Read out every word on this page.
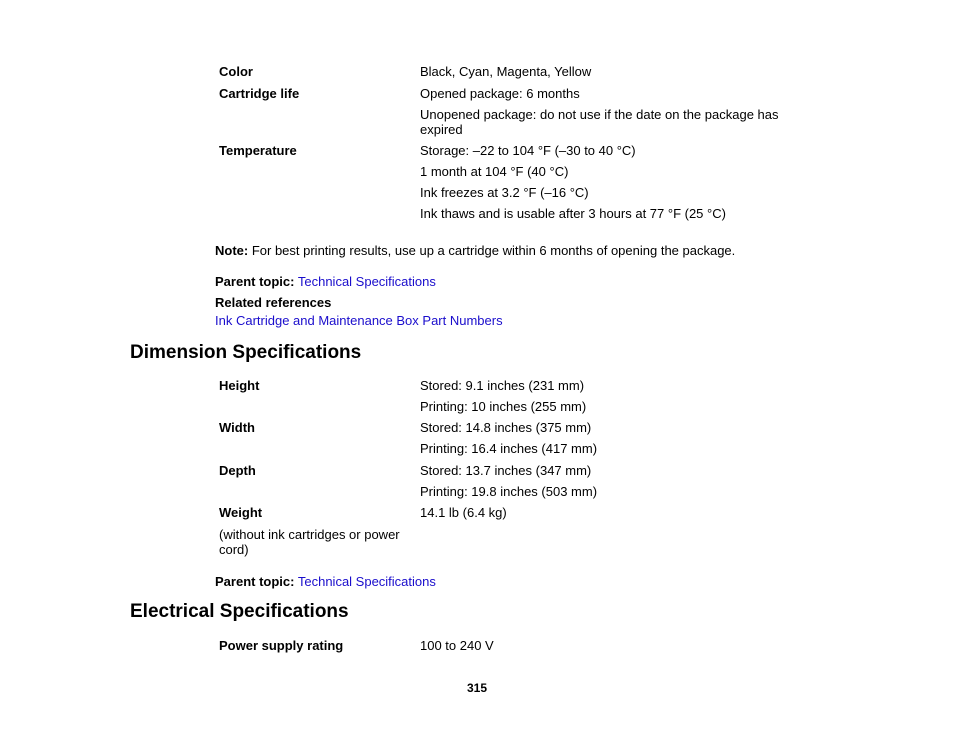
Color	Black, Cyan, Magenta, Yellow
Cartridge life	Opened package: 6 months
Unopened package: do not use if the date on the package has expired
Temperature	Storage: –22 to 104 °F (–30 to 40 °C)
1 month at 104 °F (40 °C)
Ink freezes at 3.2 °F (–16 °C)
Ink thaws and is usable after 3 hours at 77 °F (25 °C)
Note: For best printing results, use up a cartridge within 6 months of opening the package.
Parent topic: Technical Specifications
Related references
Ink Cartridge and Maintenance Box Part Numbers
Dimension Specifications
Height	Stored: 9.1 inches (231 mm)
Printing: 10 inches (255 mm)
Width	Stored: 14.8 inches (375 mm)
Printing: 16.4 inches (417 mm)
Depth	Stored: 13.7 inches (347 mm)
Printing: 19.8 inches (503 mm)
Weight	14.1 lb (6.4 kg)
(without ink cartridges or power cord)
Parent topic: Technical Specifications
Electrical Specifications
Power supply rating	100 to 240 V
315
